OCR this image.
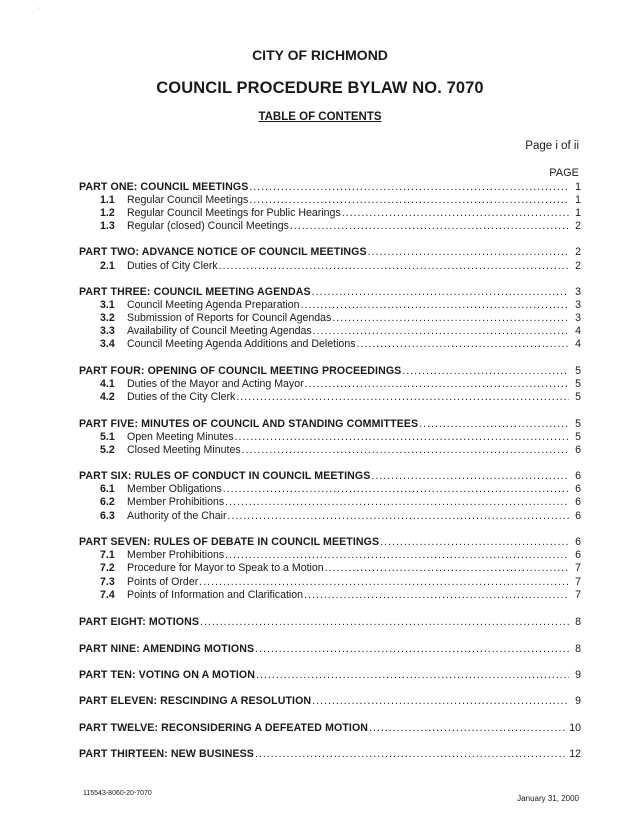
’
CITY OF RICHMOND
COUNCIL PROCEDURE BYLAW NO. 7070
TABLE OF CONTENTS
Page i of ii
PAGE
PART ONE: COUNCIL MEETINGS .....	1
1.1	Regular Council Meetings .....	1
1.2	Regular Council Meetings for Public Hearings .....	1
1.3	Regular (closed) Council Meetings .....	2
PART TWO: ADVANCE NOTICE OF COUNCIL MEETINGS .....	2
2.1	Duties of City Clerk .....	2
PART THREE: COUNCIL MEETING AGENDAS .....	3
3.1	Council Meeting Agenda Preparation .....	3
3.2	Submission of Reports for Council Agendas .....	3
3.3	Availability of Council Meeting Agendas .....	4
3.4	Council Meeting Agenda Additions and Deletions .....	4
PART FOUR: OPENING OF COUNCIL MEETING PROCEEDINGS .....	5
4.1	Duties of the Mayor and Acting Mayor .....	5
4.2	Duties of the City Clerk .....	5
PART FIVE: MINUTES OF COUNCIL AND STANDING COMMITTEES .....	5
5.1	Open Meeting Minutes .....	5
5.2	Closed Meeting Minutes .....	6
PART SIX: RULES OF CONDUCT IN COUNCIL MEETINGS .....	6
6.1	Member Obligations .....	6
6.2	Member Prohibitions .....	6
6.3	Authority of the Chair .....	6
PART SEVEN: RULES OF DEBATE IN COUNCIL MEETINGS .....	6
7.1	Member Prohibitions .....	6
7.2	Procedure for Mayor to Speak to a Motion .....	7
7.3	Points of Order .....	7
7.4	Points of Information and Clarification .....	7
PART EIGHT: MOTIONS .....	8
PART NINE: AMENDING MOTIONS .....	8
PART TEN: VOTING ON A MOTION .....	9
PART ELEVEN: RESCINDING A RESOLUTION .....	9
PART TWELVE: RECONSIDERING A DEFEATED MOTION .....	10
PART THIRTEEN: NEW BUSINESS .....	12
115543-8060-20-7070
January 31, 2000
